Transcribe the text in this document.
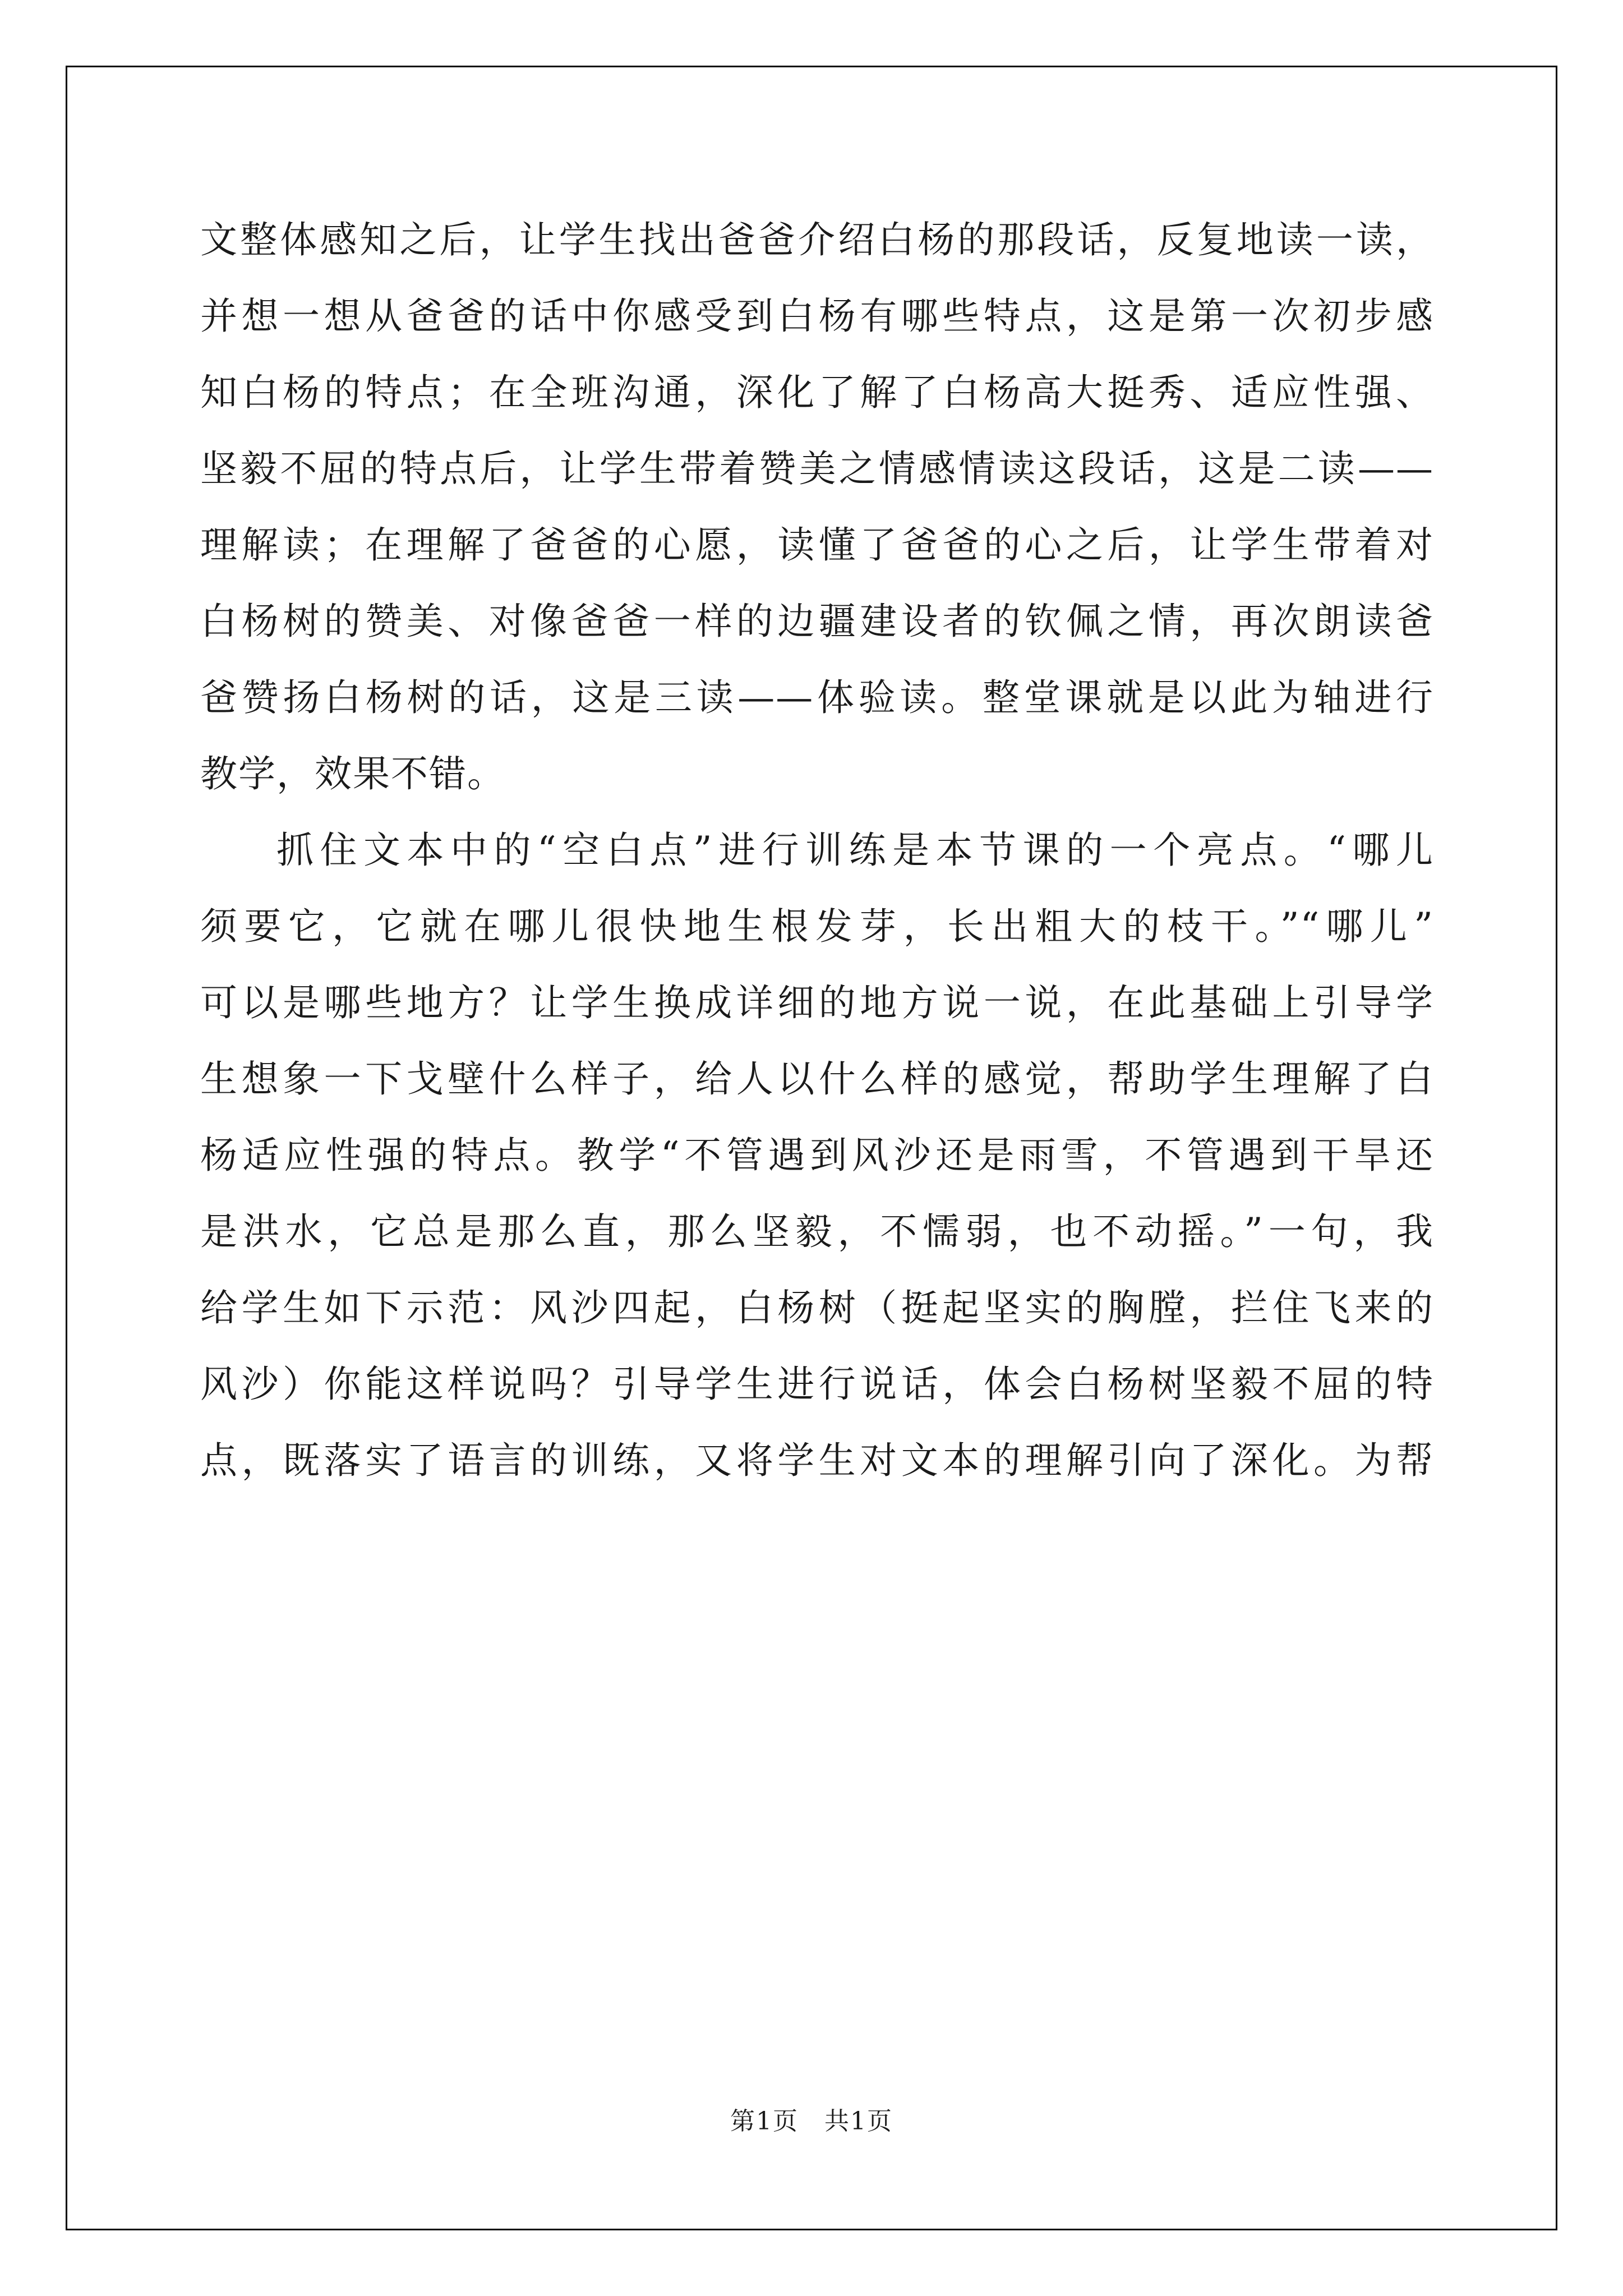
文整体感知之后，让学生找出爸爸介绍白杨的那段话，反复地读一读，
并想一想从爸爸的话中你感受到白杨有哪些特点，这是第一次初步感
知白杨的特点；在全班沟通，深化了解了白杨高大挺秀、适应性强、
坚毅不屈的特点后，让学生带着赞美之情感情读这段话，这是二读——
理解读；在理解了爸爸的心愿，读懂了爸爸的心之后，让学生带着对
白杨树的赞美、对像爸爸一样的边疆建设者的钦佩之情，再次朗读爸
爸赞扬白杨树的话，这是三读——体验读。整堂课就是以此为轴进行
教学，效果不错。
抓住文本中的“空白点”进行训练是本节课的一个亮点。“哪儿
须要它，它就在哪儿很快地生根发芽，长出粗大的枝干。”“哪儿”
可以是哪些地方？让学生换成详细的地方说一说，在此基础上引导学
生想象一下戈壁什么样子，给人以什么样的感觉，帮助学生理解了白
杨适应性强的特点。教学“不管遇到风沙还是雨雪，不管遇到干旱还
是洪水，它总是那么直，那么坚毅，不懦弱，也不动摇。”一句，我
给学生如下示范：风沙四起，白杨树（挺起坚实的胸膛，拦住飞来的
风沙）你能这样说吗？引导学生进行说话，体会白杨树坚毅不屈的特
点，既落实了语言的训练，又将学生对文本的理解引向了深化。为帮
第1页　共1页
